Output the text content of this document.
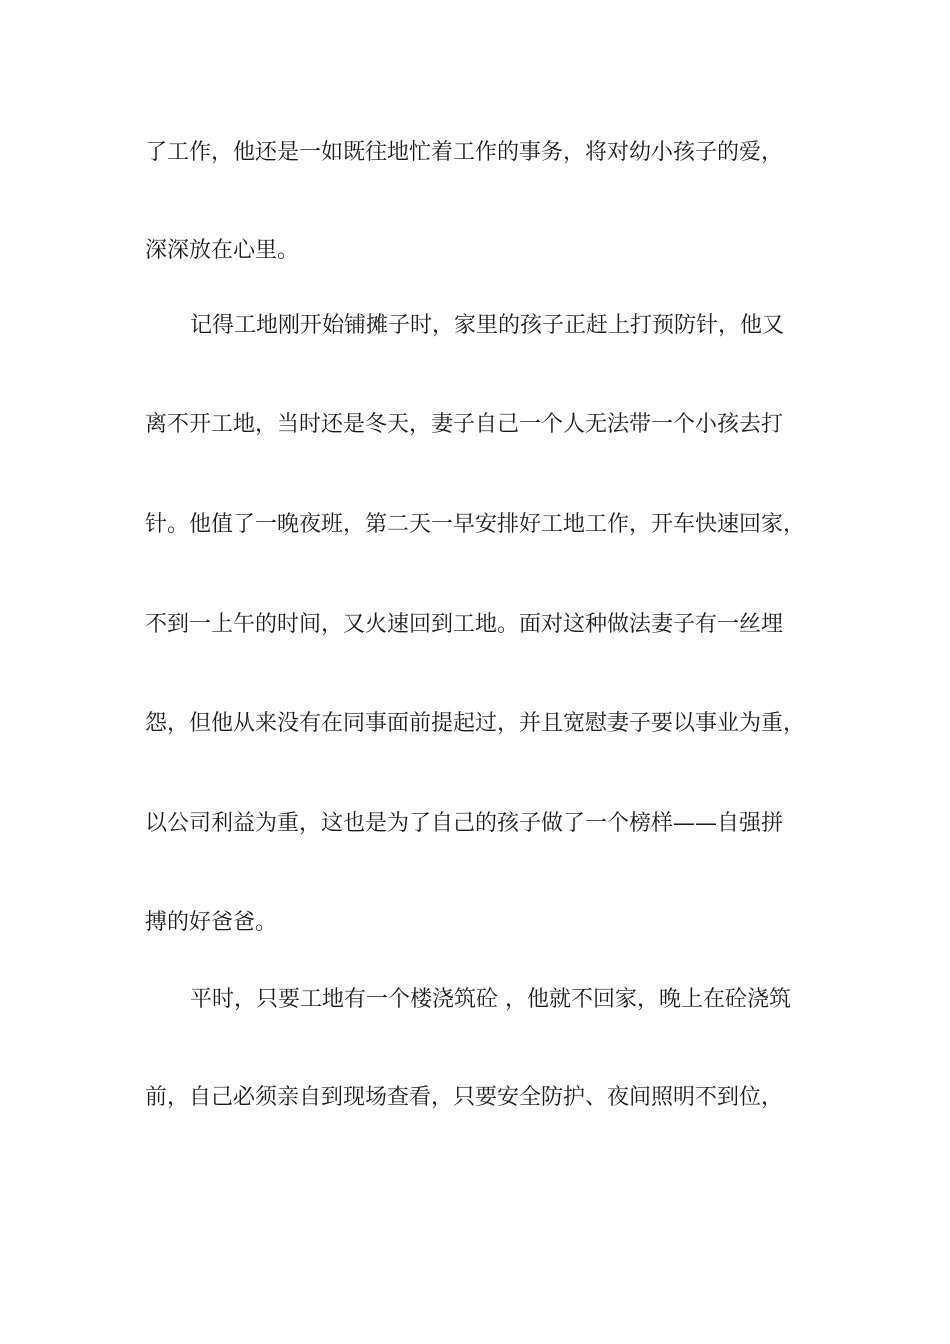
了工作，他还是一如既往地忙着工作的事务，将对幼小孩子的爱，
深深放在心里。
记得工地刚开始铺摊子时，家里的孩子正赶上打预防针，他又
离不开工地，当时还是冬天，妻子自己一个人无法带一个小孩去打
针。他值了一晚夜班，第二天一早安排好工地工作，开车快速回家，
不到一上午的时间，又火速回到工地。面对这种做法妻子有一丝埋
怨，但他从来没有在同事面前提起过，并且宽慰妻子要以事业为重，
以公司利益为重，这也是为了自己的孩子做了一个榜样——自强拼
搏的好爸爸。
平时，只要工地有一个楼浇筑砼 ，他就不回家，晚上在砼浇筑
前，自己必须亲自到现场查看，只要安全防护、夜间照明不到位，
